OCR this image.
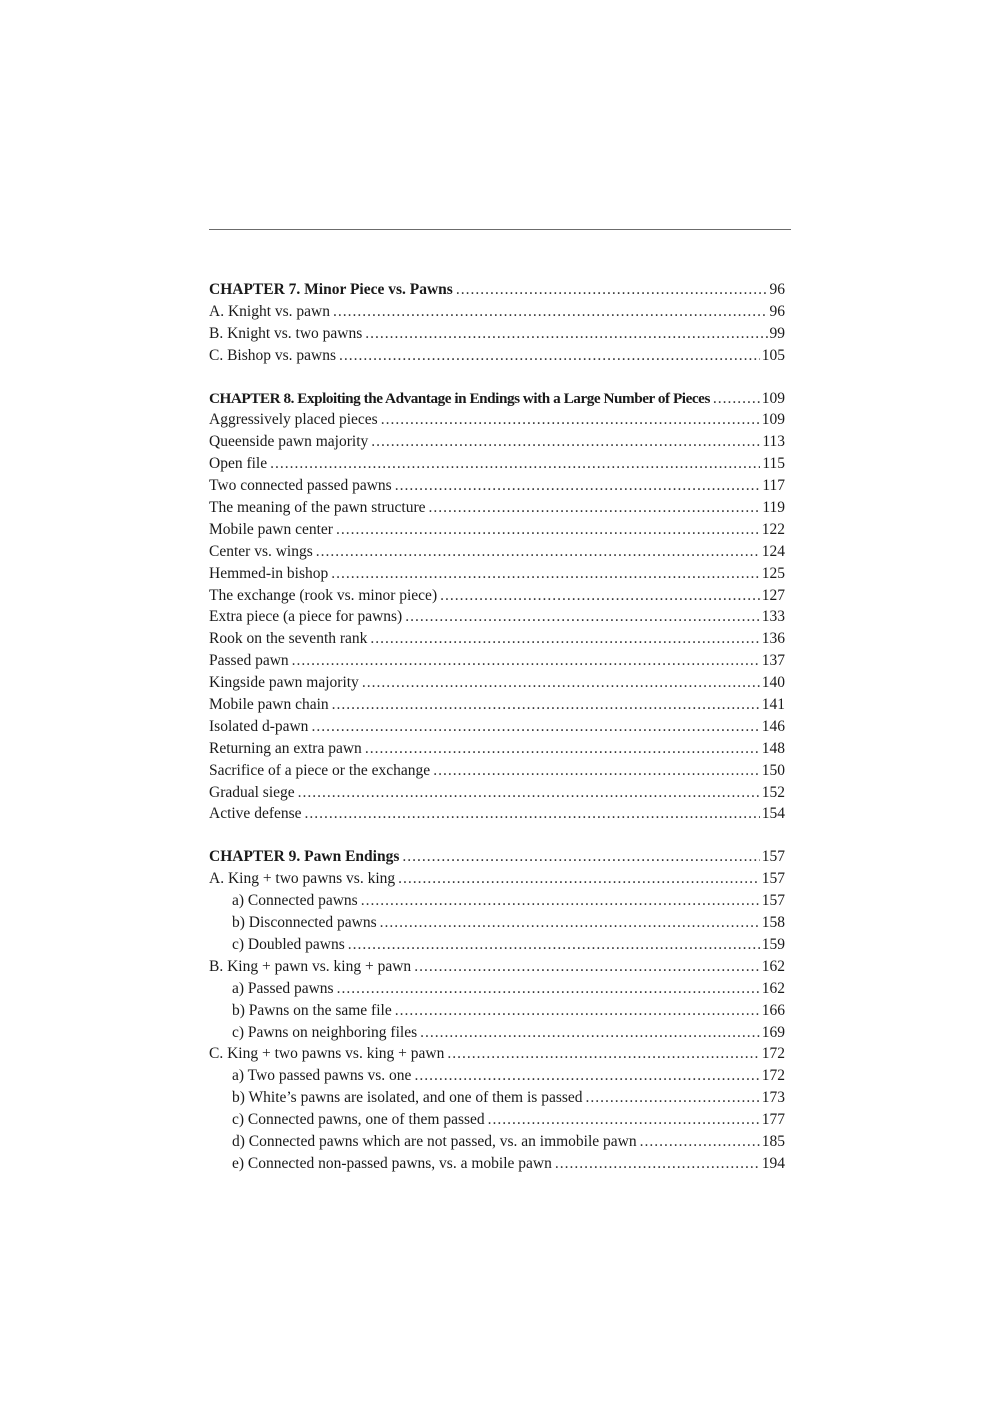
CHAPTER 7. Minor Piece vs. Pawns .....	96
A. Knight vs. pawn .....	96
B. Knight vs. two pawns .....	99
C. Bishop vs. pawns .....	105
CHAPTER 8. Exploiting the Advantage in Endings with a Large Number of Pieces .....	109
Aggressively placed pieces .....	109
Queenside pawn majority .....	113
Open file .....	115
Two connected passed pawns .....	117
The meaning of the pawn structure .....	119
Mobile pawn center .....	122
Center vs. wings .....	124
Hemmed-in bishop .....	125
The exchange (rook vs. minor piece) .....	127
Extra piece (a piece for pawns) .....	133
Rook on the seventh rank .....	136
Passed pawn .....	137
Kingside pawn majority .....	140
Mobile pawn chain .....	141
Isolated d-pawn .....	146
Returning an extra pawn .....	148
Sacrifice of a piece or the exchange .....	150
Gradual siege .....	152
Active defense .....	154
CHAPTER 9. Pawn Endings .....	157
A. King + two pawns vs. king .....	157
a) Connected pawns .....	157
b) Disconnected pawns .....	158
c) Doubled pawns .....	159
B. King + pawn vs. king + pawn .....	162
a) Passed pawns .....	162
b) Pawns on the same file .....	166
c) Pawns on neighboring files .....	169
C. King + two pawns vs. king + pawn .....	172
a) Two passed pawns vs. one .....	172
b) White’s pawns are isolated, and one of them is passed .....	173
c) Connected pawns, one of them passed .....	177
d) Connected pawns which are not passed, vs. an immobile pawn .....	185
e) Connected non-passed pawns, vs. a mobile pawn .....	194
